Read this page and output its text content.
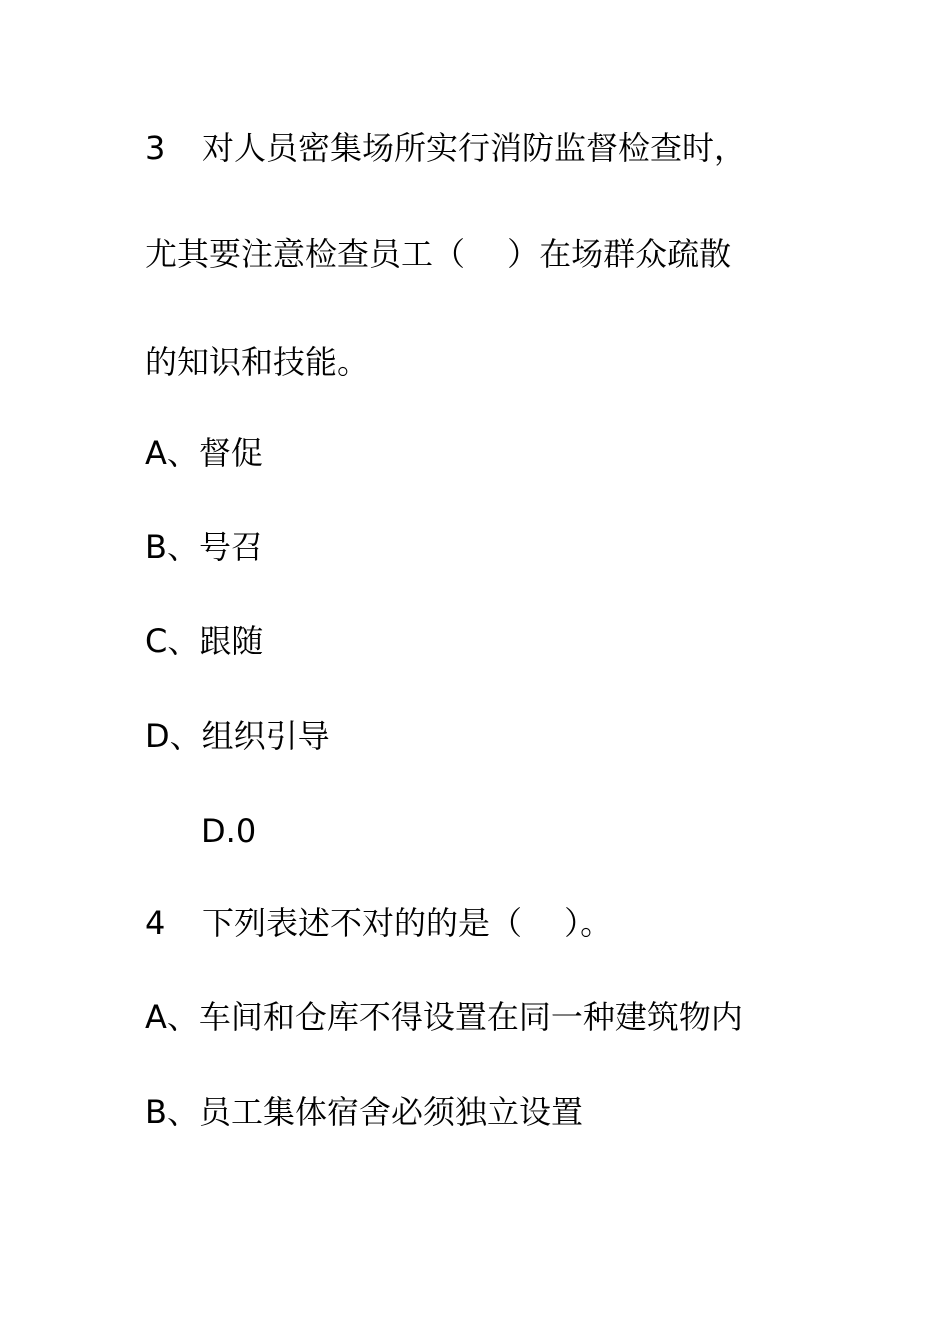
3 对人员密集场所实行消防监督检查时，
尤其要注意检查员工（　 ）在场群众疏散
的知识和技能。
A、督促
B、号召
C、跟随
D、组织引导
D.0
4 下列表述不对的的是（　 ）。
A、车间和仓库不得设置在同一种建筑物内
B、员工集体宿舍必须独立设置
